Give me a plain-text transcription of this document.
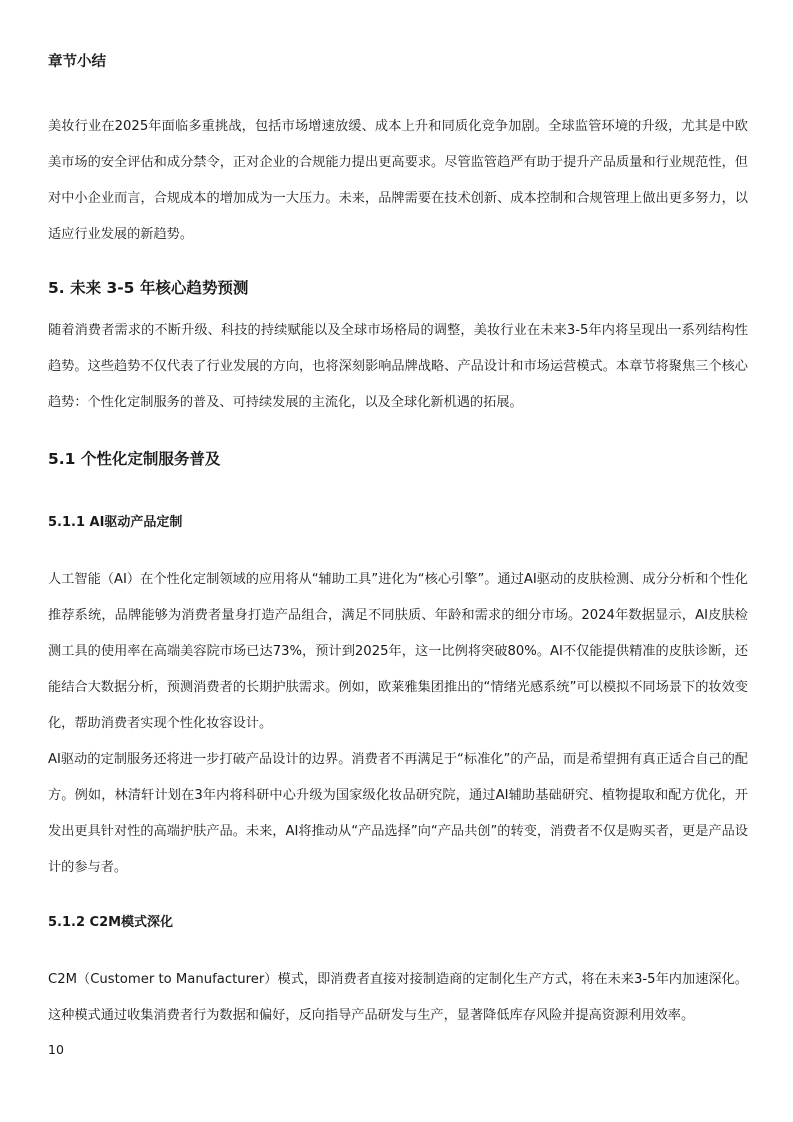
章节小结

美妆行业在2025年面临多重挑战，包括市场增速放缓、成本上升和同质化竞争加剧。全球监管环境的升级，尤其是中欧美市场的安全评估和成分禁令，正对企业的合规能力提出更高要求。尽管监管趋严有助于提升产品质量和行业规范性，但对中小企业而言，合规成本的增加成为一大压力。未来，品牌需要在技术创新、成本控制和合规管理上做出更多努力，以适应行业发展的新趋势。

5. 未来 3-5 年核心趋势预测

随着消费者需求的不断升级、科技的持续赋能以及全球市场格局的调整，美妆行业在未来3-5年内将呈现出一系列结构性趋势。这些趋势不仅代表了行业发展的方向，也将深刻影响品牌战略、产品设计和市场运营模式。本章节将聚焦三个核心趋势：个性化定制服务的普及、可持续发展的主流化，以及全球化新机遇的拓展。

5.1 个性化定制服务普及
5.1.1 AI驱动产品定制

人工智能（AI）在个性化定制领域的应用将从“辅助工具”进化为“核心引擎”。通过AI驱动的皮肤检测、成分分析和个性化推荐系统，品牌能够为消费者量身打造产品组合，满足不同肤质、年龄和需求的细分市场。2024年数据显示，AI皮肤检测工具的使用率在高端美容院市场已达73%，预计到2025年，这一比例将突破80%。AI不仅能提供精准的皮肤诊断，还能结合大数据分析，预测消费者的长期护肤需求。例如，欧莱雅集团推出的“情绪光感系统”可以模拟不同场景下的妆效变化，帮助消费者实现个性化妆容设计。

AI驱动的定制服务还将进一步打破产品设计的边界。消费者不再满足于“标准化”的产品，而是希望拥有真正适合自己的配方。例如，林清轩计划在3年内将科研中心升级为国家级化妆品研究院，通过AI辅助基础研究、植物提取和配方优化，开发出更具针对性的高端护肤产品。未来，AI将推动从“产品选择”向“产品共创”的转变，消费者不仅是购买者，更是产品设计的参与者。

5.1.2 C2M模式深化

C2M（Customer to Manufacturer）模式，即消费者直接对接制造商的定制化生产方式，将在未来3-5年内加速深化。这种模式通过收集消费者行为数据和偏好，反向指导产品研发与生产，显著降低库存风险并提高资源利用效率。

10
